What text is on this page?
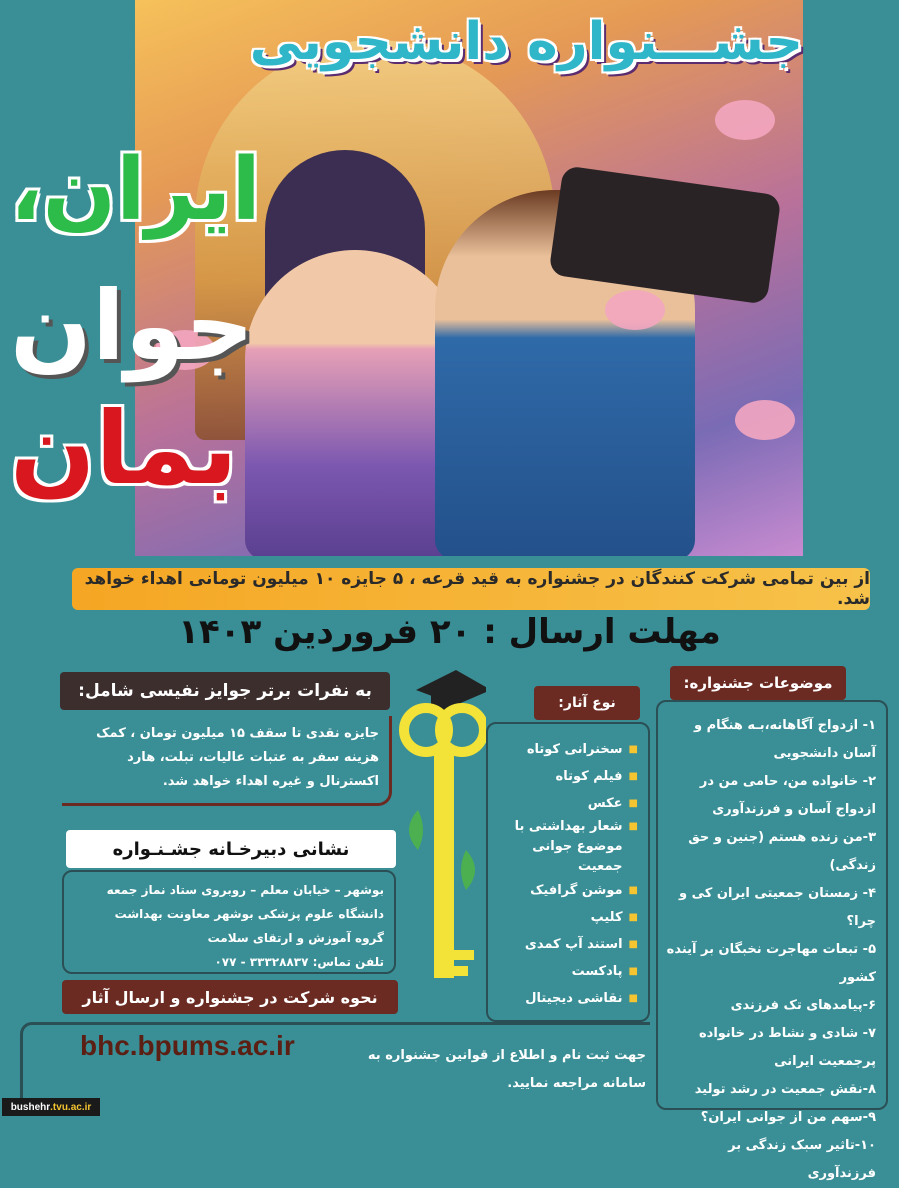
جشـــنواره دانشجویی
ایران،
جوان
بمان
از بین تمامی شرکت کنندگان در جشنواره به قید قرعه ، ۵ جایزه ۱۰ میلیون تومانی اهداء خواهد شد.
مهلت ارسال : ۲۰ فروردین ۱۴۰۳
موضوعات جشنواره:

۱- ازدواج آگاهانه،بـه هنگام و آسان دانشجویی

۲- خانواده من، حامی من در ازدواج آسان و فرزندآوری

۳-من زنده هستم (جنین و حق زندگی)

۴- زمستان جمعیتی ایران کی و چرا؟

۵- تبعات مهاجرت نخبگان بر آینده کشور

۶-پیامدهای تک فرزندی

۷- شادی و نشاط در خانواده پرجمعیت ایرانی

۸-نقش جمعیت در رشد تولید

۹-سهم من از جوانی ایران؟

۱۰-تاثیر سبک زندگی بر فرزندآوری

نوع آثار:
■
سخنرانی کوتاه
■
فیلم کوتاه
■
عکس
■
شعار بهداشتی با موضوع جوانی جمعیت
■
موشن گرافیک
■
کلیپ
■
استند آپ کمدی
■
پادکست
■
نقاشی دیجیتال
به نفرات برتر جوایز نفیسی شامل:
جایزه نقدی تا سقف ۱۵ میلیون تومان ، کمک هزینه سفر به عتبات عالیات، تبلت، هارد اکسترنال و غیره اهداء خواهد شد.
نشانی دبیرخـانه جشـنـواره
بوشهر – خیابان معلم – روبروی ستاد نماز جمعه
دانشگاه علوم پزشکی بوشهر معاونت بهداشت
گروه آموزش و ارتقای سلامت
تلفن تماس: ۳۳۳۲۸۸۳۷ - ۰۷۷
نحوه شرکت در جشنواره و ارسال آثار
bhc.bpums.ac.ir	جهت ثبت نام و اطلاع از قوانین جشنواره به سامانه مراجعه نمایید.
bushehr .tvu.ac.ir
